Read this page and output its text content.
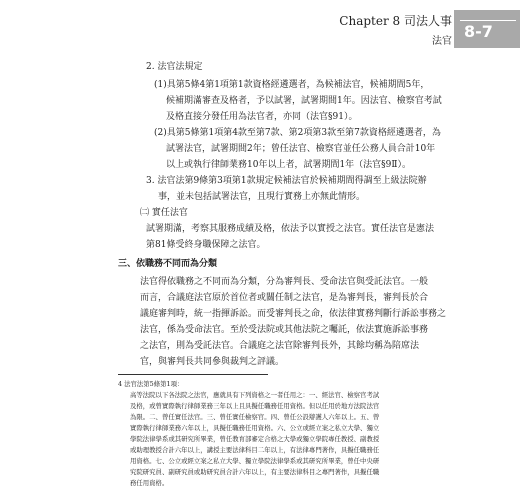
Chapter 8 司法人事
法官
8-7
2. 法官法規定
(1)具第5條4第1項第1款資格經遴選者，為候補法官，候補期間5年，
候補期滿審查及格者，予以試署，試署期間1年。因法官、檢察官考試
及格直接分發任用為法官者，亦同（法官§91）。
(2)具第5條第1項第4款至第7款、第2項第3款至第7款資格經遴選者，為
試署法官，試署期間2年；曾任法官、檢察官並任公務人員合計10年
以上或執行律師業務10年以上者，試署期間1年（法官§9Ⅱ）。
3. 法官法第9條第3項第1款規定候補法官於候補期間得調至上級法院辦
事，並未包括試署法官，且現行實務上亦無此情形。
㈡ 實任法官
試署期滿，考察其服務成績及格，依法予以實授之法官。實任法官是憲法
第81條受終身職保障之法官。
三、依職務不同而為分類
法官得依職務之不同而為分類，分為審判長、受命法官與受託法官。一般
而言，合議庭法官原於首位者或關任制之法官，是為審判長，審判長於合
議庭審判時，統一指揮訴訟。而受審判長之命，依法律實務判斷行訴訟事務之
法官，係為受命法官。至於受法院或其他法院之囑託，依法實施訴訟事務
之法官，則為受託法官。合議庭之法官除審判長外，其餘均稱為陪席法
官，與審判長共同參與裁判之評議。
4 法官法第5條第1項：
高等法院以下各法院之法官，應就具有下列資格之一者任用之：一、經法官、檢察官考試
及格，或曾實際執行律師業務三年以上且具擬任職務任用資格。但以任用於地方法院法官
為限。二、曾任實任法官。三、曾任實任檢察官。四、曾任公設辯護人六年以上。五、曾
實際執行律師業務六年以上，具擬任職務任用資格。六、公立或經立案之私立大學、獨立
學院法律學系或其研究所畢業，曾任教育部審定合格之大學或獨立學院專任教授、副教授
或助理教授合計六年以上，講授主要法律科目二年以上，有法律專門著作，具擬任職務任
用資格。七、公立或經立案之私立大學、獨立學院法律學系或其研究所畢業，曾任中央研
究院研究員、副研究員或助研究員合計六年以上，有主要法律科目之專門著作，具擬任職
務任用資格。
